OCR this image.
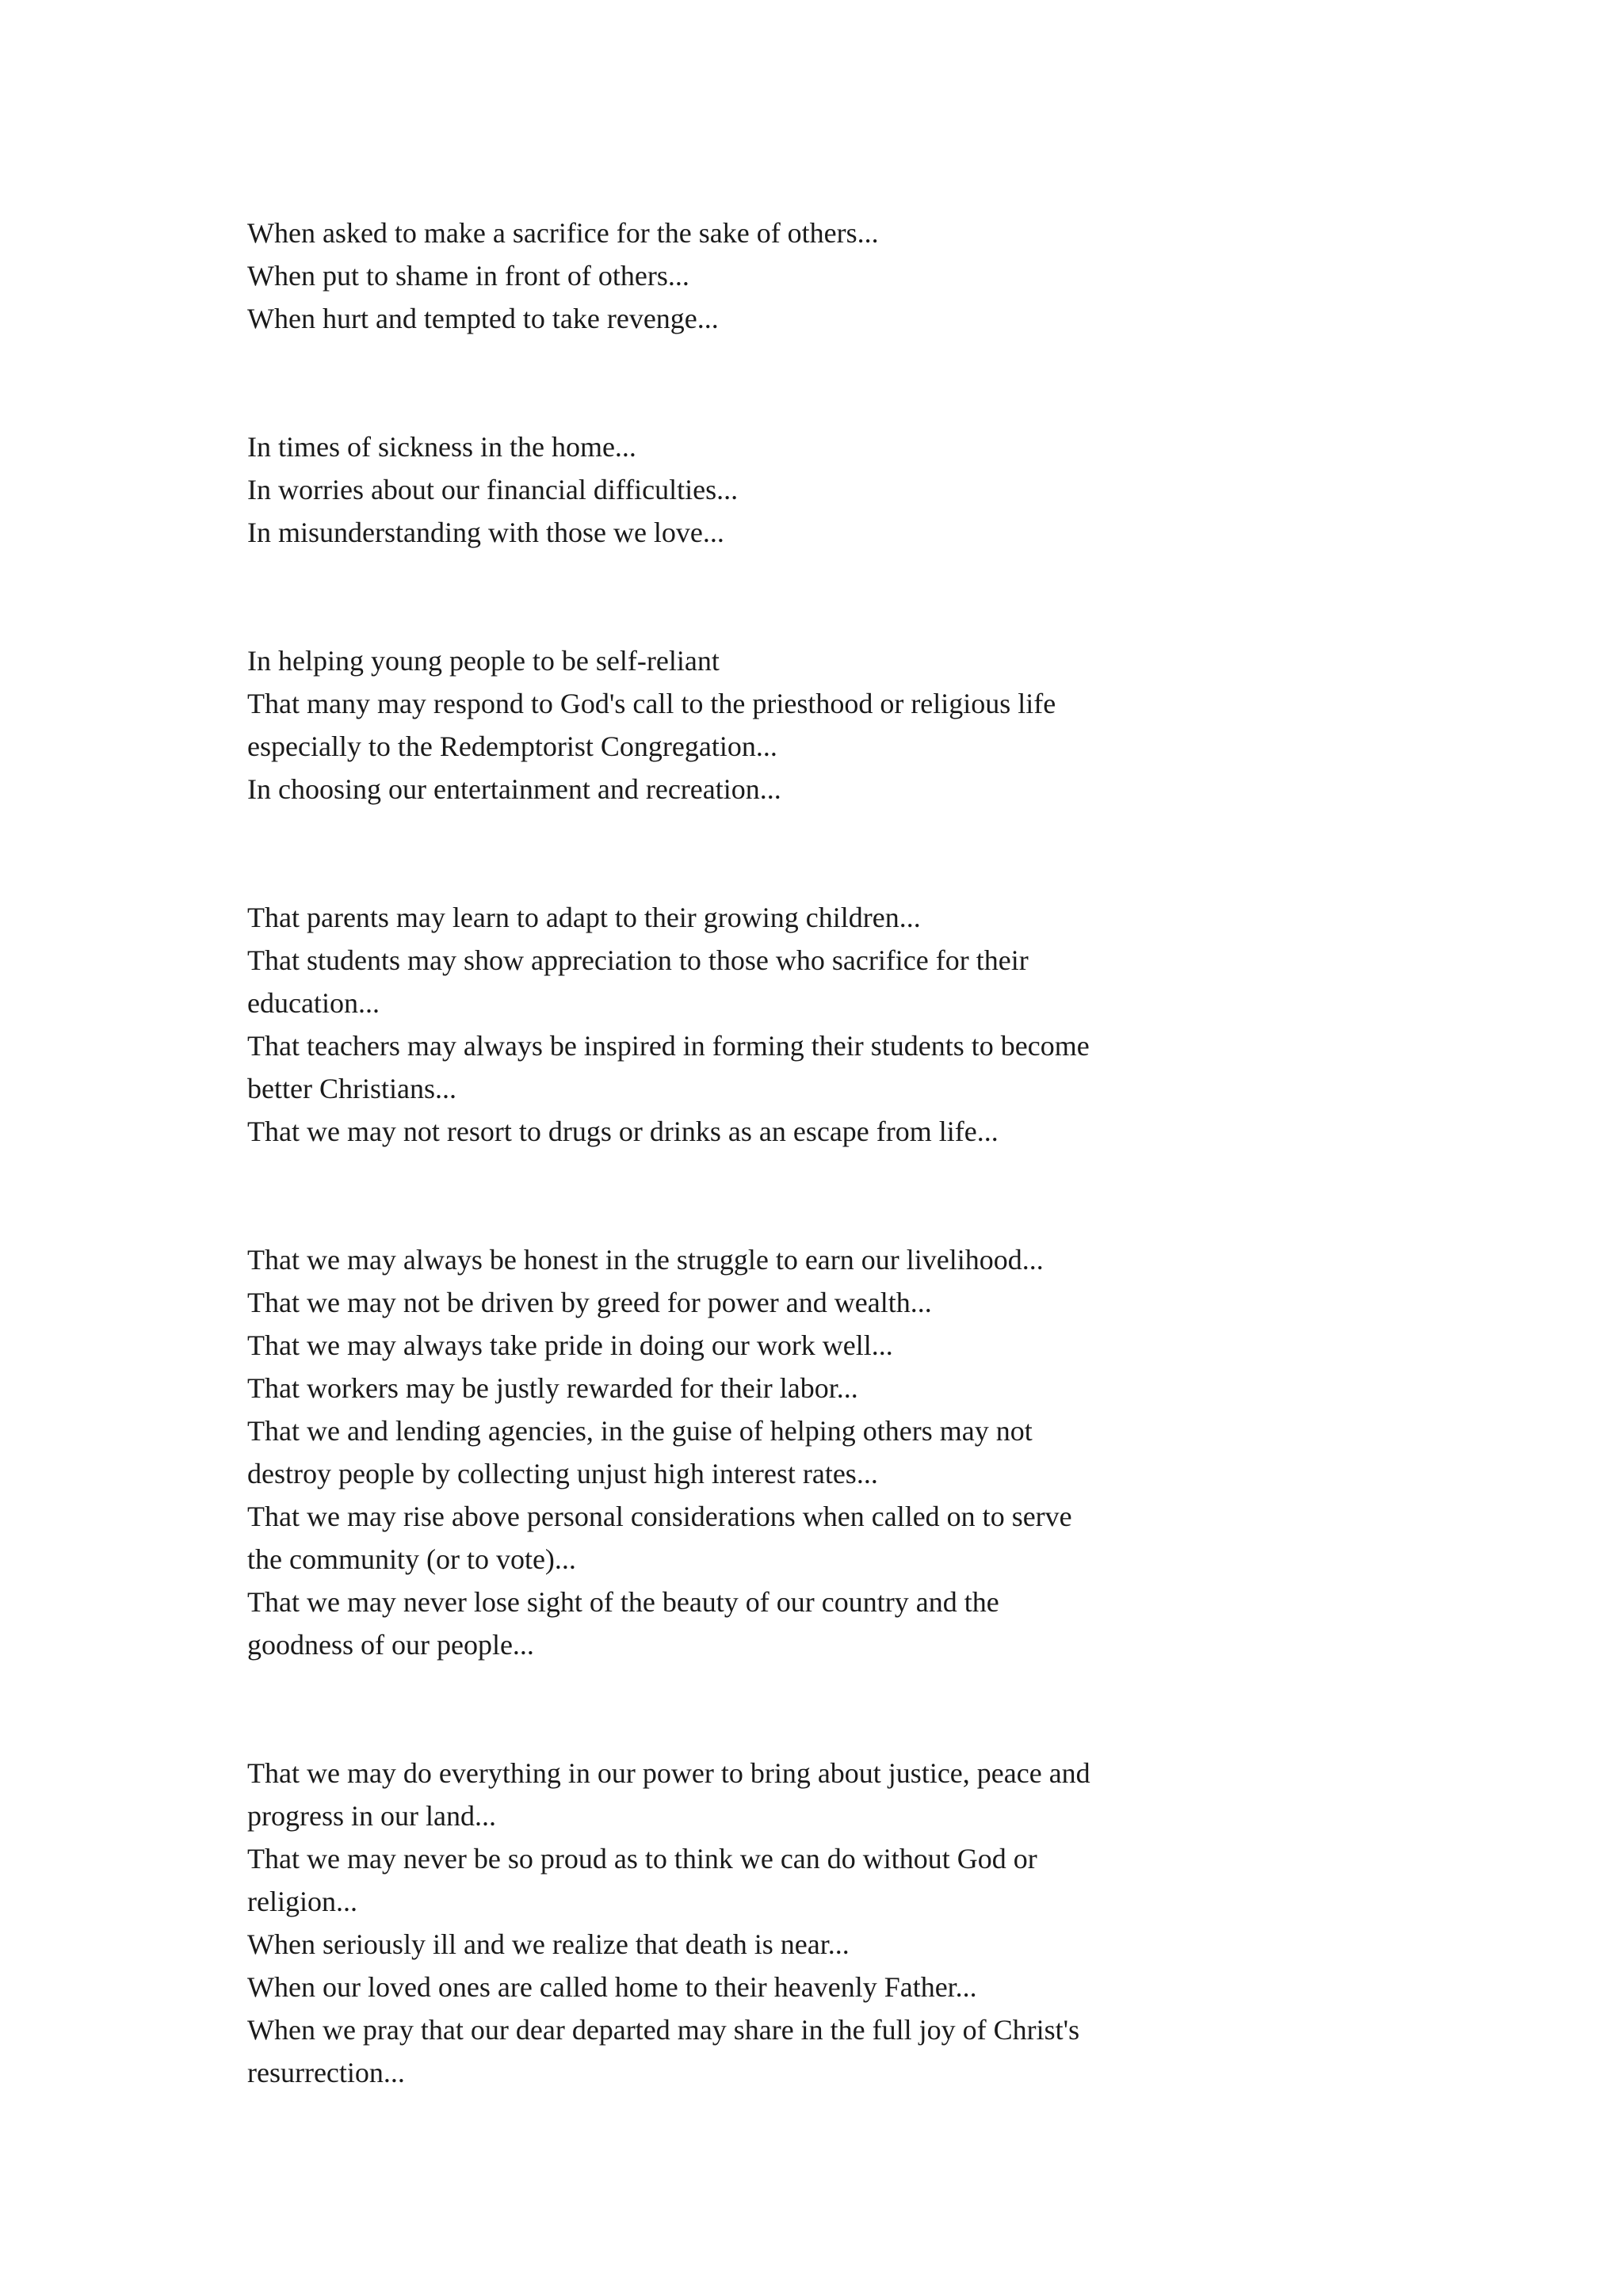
When asked to make a sacrifice for the sake of others...
When put to shame in front of others...
When hurt and tempted to take revenge...
In times of sickness in the home...
In worries about our financial difficulties...
In misunderstanding with those we love...
In helping young people to be self-reliant
That many may respond to God's call to the priesthood or religious life
especially to the Redemptorist Congregation...
In choosing our entertainment and recreation...
That parents may learn to adapt to their growing children...
That students may show appreciation to those who sacrifice for their
education...
That teachers may always be inspired in forming their students to become
better Christians...
That we may not resort to drugs or drinks as an escape from life...
That we may always be honest in the struggle to earn our livelihood...
That we may not be driven by greed for power and wealth...
That we may always take pride in doing our work well...
That workers may be justly rewarded for their labor...
That we and lending agencies, in the guise of helping others may not
destroy people by collecting unjust high interest rates...
That we may rise above personal considerations when called on to serve
the community (or to vote)...
That we may never lose sight of the beauty of our country and the
goodness of our people...
That we may do everything in our power to bring about justice, peace and
progress in our land...
That we may never be so proud as to think we can do without God or
religion...
When seriously ill and we realize that death is near...
When our loved ones are called home to their heavenly Father...
When we pray that our dear departed may share in the full joy of Christ's
resurrection...
